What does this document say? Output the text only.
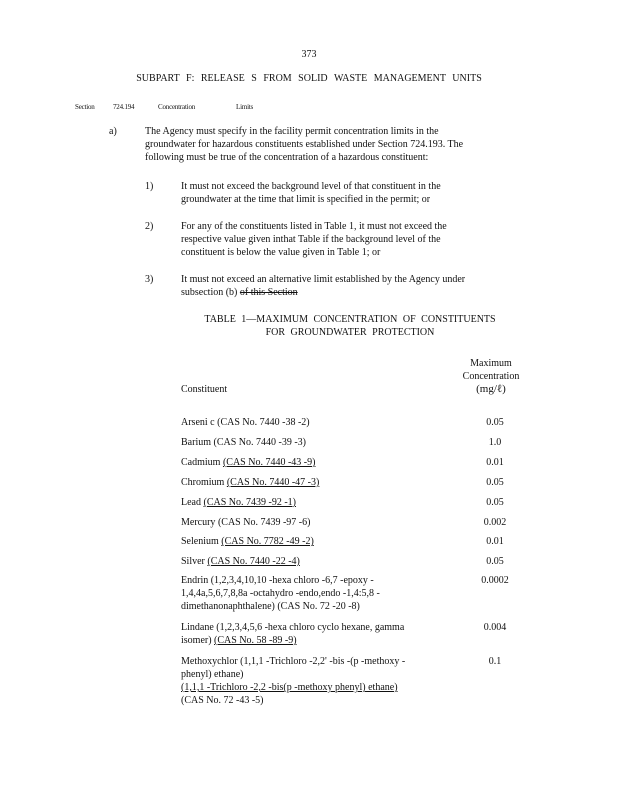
373
SUBPART F: RELEASE S FROM SOLID WASTE MANAGEMENT UNITS
Section	724.194	Concentration	Limits
a)	The Agency must specify in the facility permit concentration limits in the
groundwater for hazardous constituents established under Section 724.193. The
following must be true of the concentration of a hazardous constituent:
1)	It must not exceed the background level of that constituent in the
groundwater at the time that limit is specified in the permit; or
2)	For any of the constituents listed in Table 1, it must not exceed the
respective value given inthat Table if the background level of the
constituent is below the value given in Table 1; or
3)	It must not exceed an alternative limit established by the Agency under
subsection (b) of this Section
TABLE 1—MAXIMUM CONCENTRATION OF CONSTITUENTS
FOR GROUNDWATER PROTECTION
Maximum
Concentration
(mg/ℓ)
Constituent
Arseni c (CAS No. 7440 -38 -2)	0.05
Barium (CAS No. 7440 -39 -3)	1.0
Cadmium (CAS No. 7440 -43 -9)	0.01
Chromium (CAS No. 7440 -47 -3)	0.05
Lead (CAS No. 7439 -92 -1)	0.05
Mercury (CAS No. 7439 -97 -6)	0.002
Selenium (CAS No. 7782 -49 -2)	0.01
Silver (CAS No. 7440 -22 -4)	0.05
Endrin (1,2,3,4,10,10 -hexa chloro -6,7 -epoxy -
1,4,4a,5,6,7,8,8a -octahydro -endo,endo -1,4:5,8 -
dimethanonaphthalene) (CAS No. 72 -20 -8)
0.0002
Lindane (1,2,3,4,5,6 -hexa chloro cyclo hexane, gamma
isomer) (CAS No. 58 -89 -9)
0.004
Methoxychlor (1,1,1 -Trichloro -2,2' -bis -(p -methoxy -
phenyl) ethane)
(1,1,1 -Trichloro -2,2 -bis(p -methoxy phenyl) ethane)
(CAS No. 72 -43 -5)
0.1
